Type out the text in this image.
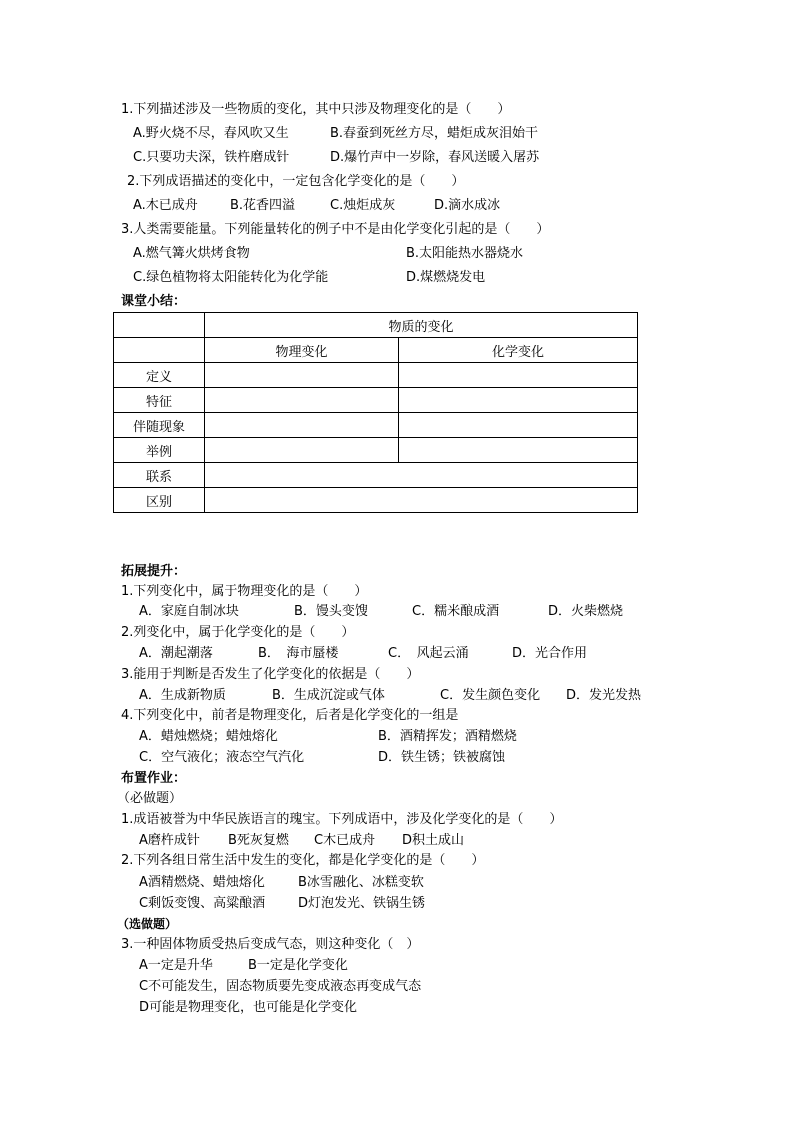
1.下列描述涉及一些物质的变化，其中只涉及物理变化的是（　　）
A.野火烧不尽，春风吹又生	B.春蚕到死丝方尽，蜡炬成灰泪始干
C.只要功夫深，铁杵磨成针	D.爆竹声中一岁除，春风送暖入屠苏
2.下列成语描述的变化中，一定包含化学变化的是（　　）
A.木已成舟 B.花香四溢	C.烛炬成灰	D.滴水成冰
3.人类需要能量。下列能量转化的例子中不是由化学变化引起的是（　　）
A.燃气篝火烘烤食物	B.太阳能热水器烧水
C.绿色植物将太阳能转化为化学能	D.煤燃烧发电
课堂小结：
	物质的变化	
	物理变化	化学变化
定义		
特征		
伴随现象		
举例		
联系		
区别		
拓展提升：
1.下列变化中，属于物理变化的是（　　）
A．家庭自制冰块	B．馒头变馊	C．糯米酿成酒	D．火柴燃烧
2.列变化中，属于化学变化的是（　　）
A．潮起潮落	B．　海市蜃楼	C．　风起云涌	D．光合作用
3.能用于判断是否发生了化学变化的依据是（　　）
A．生成新物质	B．生成沉淀或气体	C．发生颜色变化 D．发光发热
4.下列变化中，前者是物理变化，后者是化学变化的一组是
A．蜡烛燃烧；蜡烛熔化	B．酒精挥发；酒精燃烧
C．空气液化；液态空气汽化	D．铁生锈；铁被腐蚀
布置作业：
（必做题）
1.成语被誉为中华民族语言的瑰宝。下列成语中，涉及化学变化的是（　　）
A磨杵成针 B死灰复燃 C木已成舟 D积土成山
2.下列各组日常生活中发生的变化，都是化学变化的是（　　）
A酒精燃烧、蜡烛熔化	B冰雪融化、冰糕变软
C剩饭变馊、高粱酿酒	D灯泡发光、铁锅生锈
（选做题）
3.一种固体物质受热后变成气态，则这种变化（　）
A一定是升华	B一定是化学变化
C不可能发生，固态物质要先变成液态再变成气态
D可能是物理变化，也可能是化学变化
